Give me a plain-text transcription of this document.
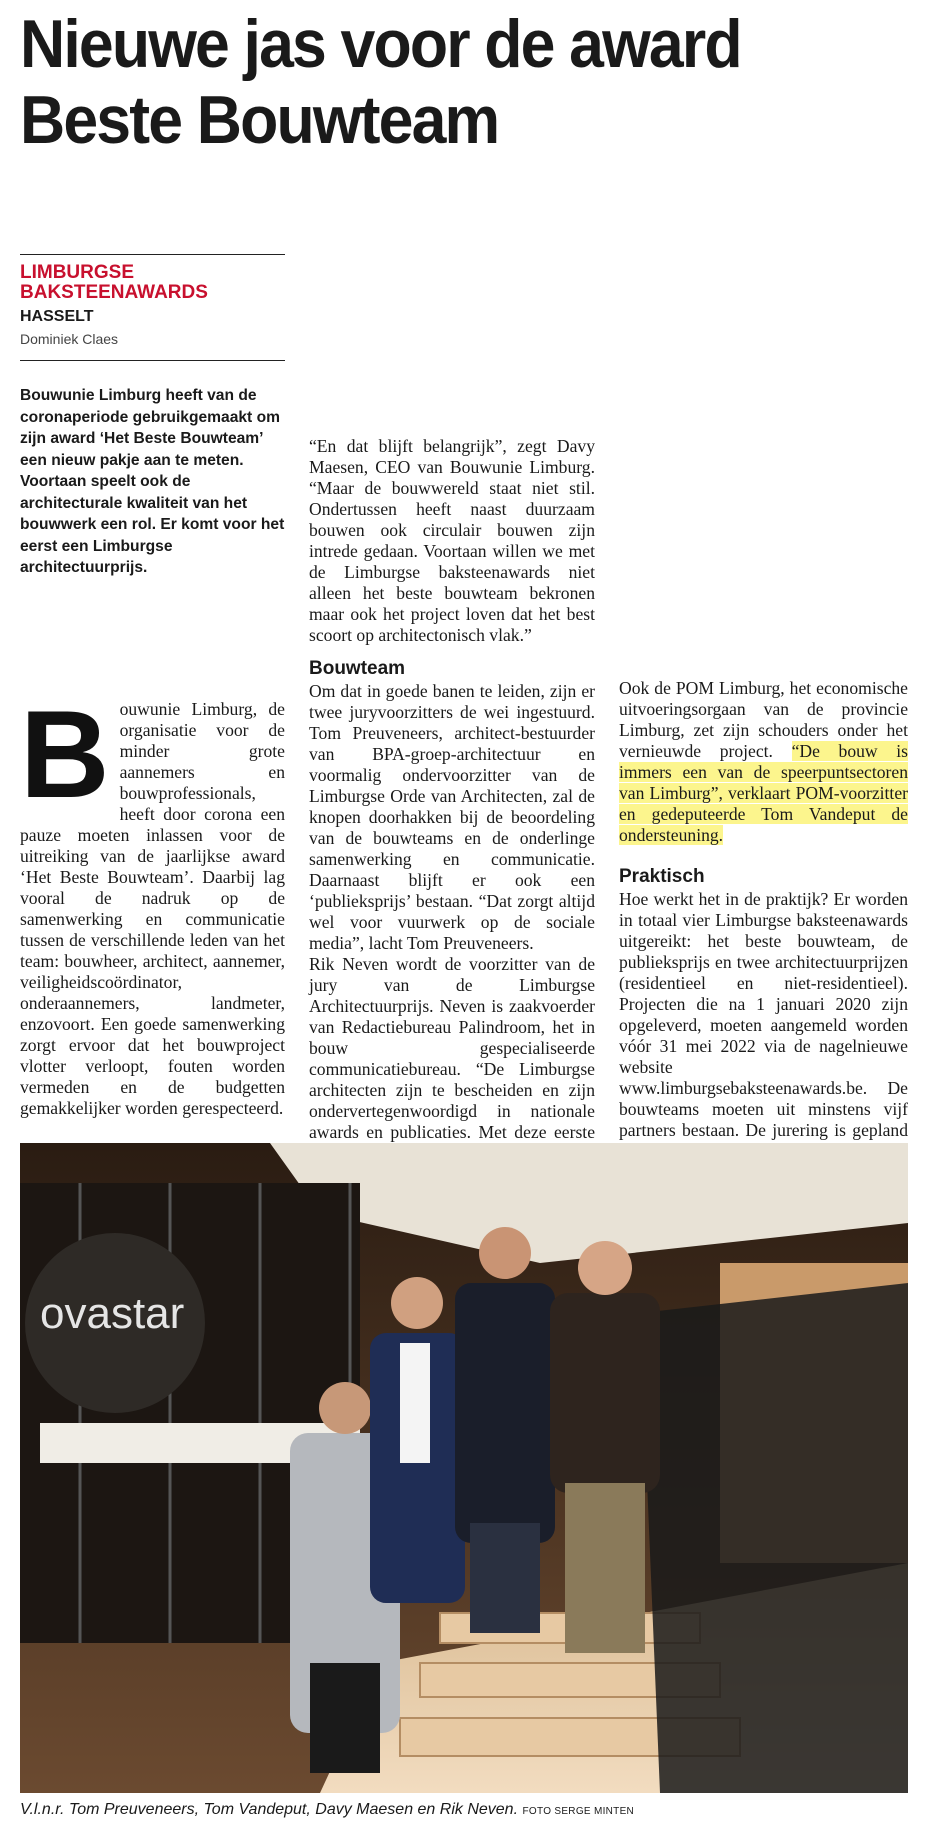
Nieuwe jas voor de award Beste Bouwteam
LIMBURGSE BAKSTEENAWARDS
HASSELT
Dominiek Claes

Bouwunie Limburg heeft van de coronaperiode gebruikgemaakt om zijn award ‘Het Beste Bouwteam’ een nieuw pakje aan te meten. Voortaan speelt ook de architecturale kwaliteit van het bouwwerk een rol. Er komt voor het eerst een Limburgse architectuurprijs.

Bouwunie Limburg, de organisatie voor de minder grote aannemers en bouwprofessionals, heeft door corona een pauze moeten inlassen voor de uitreiking van de jaarlijkse award ‘Het Beste Bouwteam’. Daarbij lag vooral de nadruk op de samenwerking en communicatie tussen de verschillende leden van het team: bouwheer, architect, aannemer, veiligheidscoördinator, onderaannemers, landmeter, enzovoort. Een goede samenwerking zorgt ervoor dat het bouwproject vlotter verloopt, fouten worden vermeden en de budgetten gemakkelijker worden gerespecteerd.

“En dat blijft belangrijk”, zegt Davy Maesen, CEO van Bouwunie Limburg. “Maar de bouwwereld staat niet stil. Ondertussen heeft naast duurzaam bouwen ook circulair bouwen zijn intrede gedaan. Voortaan willen we met de Limburgse baksteenawards niet alleen het beste bouwteam bekronen maar ook het project loven dat het best scoort op architectonisch vlak.”

Bouwteam

Om dat in goede banen te leiden, zijn er twee juryvoorzitters de wei ingestuurd. Tom Preuveneers, architect-bestuurder van BPA-groep-architectuur en voormalig ondervoorzitter van de Limburgse Orde van Architecten, zal de knopen doorhakken bij de beoordeling van de bouwteams en de onderlinge samenwerking en communicatie. Daarnaast blijft er ook een ‘publieksprijs’ bestaan. “Dat zorgt altijd wel voor vuurwerk op de sociale media”, lacht Tom Preuveneers.

Rik Neven wordt de voorzitter van de jury van de Limburgse Architectuurprijs. Neven is zaakvoerder van Redactiebureau Palindroom, het in bouw gespecialiseerde communicatiebureau. “De Limburgse architecten zijn te bescheiden en zijn ondervertegenwoordigd in nationale awards en publicaties. Met deze eerste

Ook de POM Limburg, het economische uitvoeringsorgaan van de provincie Limburg, zet zijn schouders onder het vernieuwde project. “De bouw is immers een van de speerpuntsectoren van Limburg”, verklaart POM-voorzitter en gedeputeerde Tom Vandeput de ondersteuning.

Praktisch

Hoe werkt het in de praktijk? Er worden in totaal vier Limburgse baksteenawards uitgereikt: het beste bouwteam, de publieksprijs en twee architectuurprijzen (residentieel en niet-residentieel). Projecten die na 1 januari 2020 zijn opgeleverd, moeten aangemeld worden vóór 31 mei 2022 via de nagelnieuwe website www.limburgsebaksteenawards.be. De bouwteams moeten uit minstens vijf partners bestaan. De jurering is gepland

ovastar
V.l.n.r. Tom Preuveneers, Tom Vandeput, Davy Maesen en Rik Neven. FOTO SERGE MINTEN
